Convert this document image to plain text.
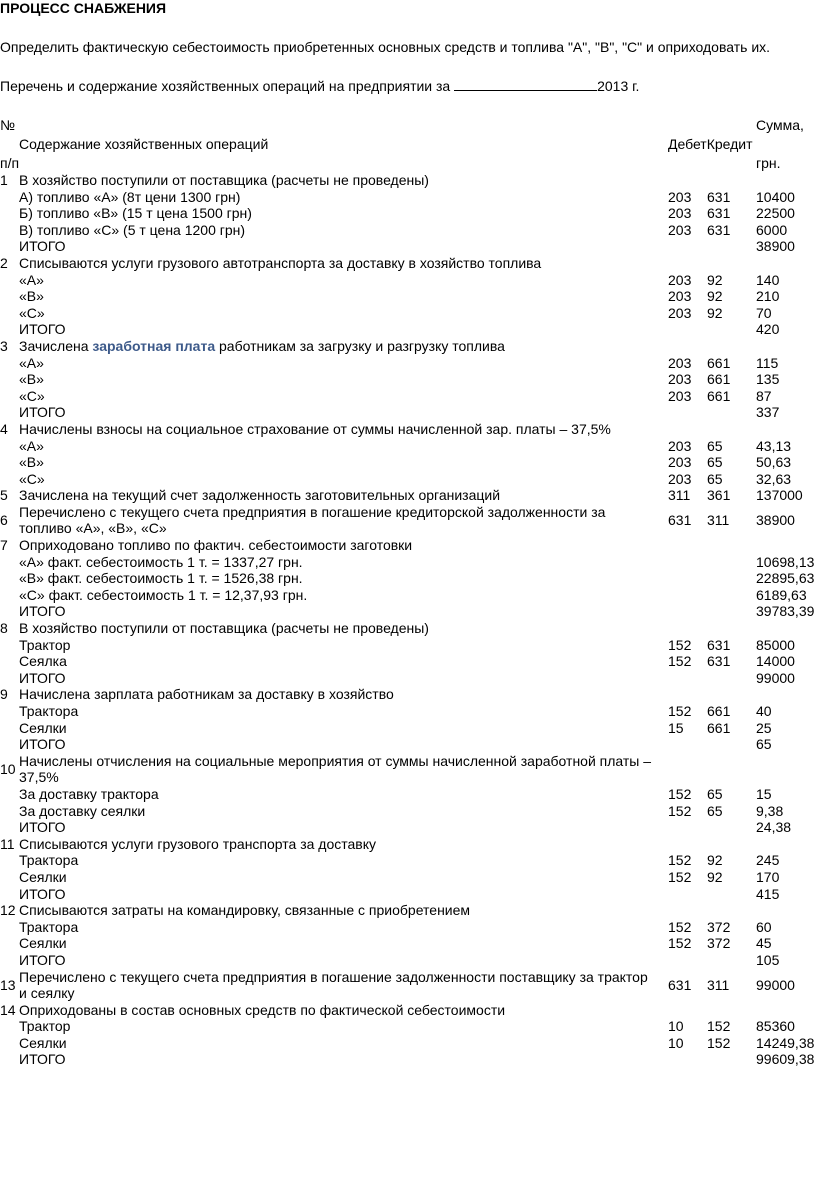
ПРОЦЕСС СНАБЖЕНИЯ
Определить фактическую себестоимость приобретенных основных средств и топлива "А", "В", "С" и оприходовать их.
Перечень и содержание хозяйственных операций на предприятии за	2013 г.
№
п/п
Содержание хозяйственных операций	ДебетКредит
Сумма,
грн.
1 В хозяйство поступили от поставщика (расчеты не проведены)
А) топливо «А» (8т цени 1300 грн)	203 631 10400
Б) топливо «В» (15 т цена 1500 грн)	203 631 22500
В) топливо «С» (5 т цена 1200 грн)	203 631 6000
ИТОГО	38900
2 Списываются услуги грузового автотранспорта за доставку в хозяйство топлива
«А»	203 92 140
«В»	203 92 210
«С»	203 92 70
ИТОГО	420
3 Зачислена заработная плата работникам за загрузку и разгрузку топлива
«А»	203 661 115
«В»	203 661 135
«С»	203 661 87
ИТОГО	337
4 Начислены взносы на социальное страхование от суммы начисленной зар. платы – 37,5%
«А»	203 65 43,13
«В»	203 65 50,63
«С»	203 65 32,63
5 Зачислена на текущий счет задолженность заготовительных организаций	311 361 137000
6 Перечислено с текущего счета предприятия в погашение кредиторской задолженности за топливо «А», «В», «С»
631 311 38900
7 Оприходовано топливо по фактич. себестоимости заготовки
«А» факт. себестоимость 1 т. = 1337,27 грн.	10698,13
«В» факт. себестоимость 1 т. = 1526,38 грн.	22895,63
«С» факт. себестоимость 1 т. = 12,37,93 грн.	6189,63
ИТОГО	39783,39
8 В хозяйство поступили от поставщика (расчеты не проведены)
Трактор	152 631 85000
Сеялка	152 631 14000
ИТОГО	99000
9 Начислена зарплата работникам за доставку в хозяйство
Трактора	152 661 40
Сеялки	15 661 25
ИТОГО	65
10 Начислены отчисления на социальные мероприятия от суммы начисленной заработной платы – 37,5%
За доставку трактора	152 65 15
За доставку сеялки	152 65 9,38
ИТОГО	24,38
11 Списываются услуги грузового транспорта за доставку
Трактора	152 92 245
Сеялки	152 92 170
ИТОГО	415
12 Списываются затраты на командировку, связанные с приобретением
Трактора	152 372 60
Сеялки	152 372 45
ИТОГО	105
13 Перечислено с текущего счета предприятия в погашение задолженности поставщику за трактор и сеялку
631 311 99000
14 Оприходованы в состав основных средств по фактической себестоимости
Трактор	10 152 85360
Сеялки	10 152 14249,38
ИТОГО	99609,38
